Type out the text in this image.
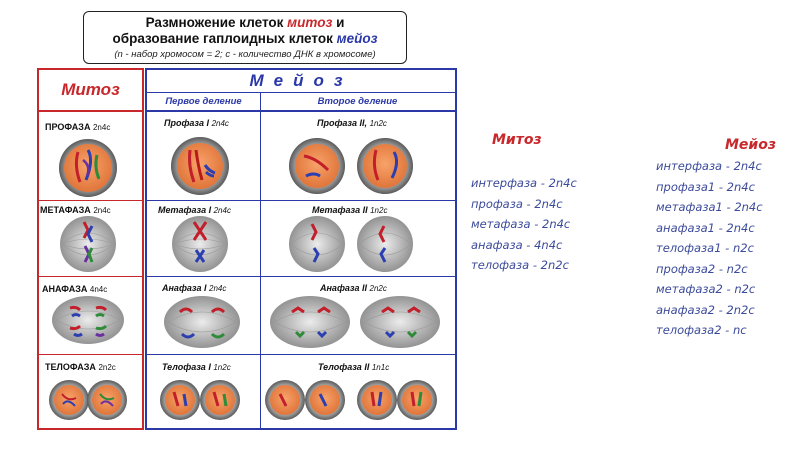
Размножение клеток митоз и
образование гаплоидных клеток мейоз
(n - набор хромосом = 2; с - количество ДНК в хромосоме)
Митоз	Мейоз
Первое деление	Второе деление
ПРОФАЗА 2n4c
МЕТАФАЗА 2n4c
АНАФАЗА 4n4c
ТЕЛОФАЗА 2n2c
Профаза I 2n4c
Метафаза I 2n4c
Анафаза I 2n4c
Телофаза I 1n2c
Профаза II, 1n2c
Метафаза II 1n2c
Анафаза II 2n2c
Телофаза II 1n1c
Митоз
интерфаза - 2n4c
профаза - 2n4c
метафаза - 2n4c
анафаза - 4n4c
телофаза - 2n2c
Мейоз
интерфаза - 2n4c
профаза1 - 2n4c
метафаза1 - 2n4c
анафаза1 - 2n4c
телофаза1 - n2c
профаза2 - n2c
метафаза2 - n2c
анафаза2 - 2n2c
телофаза2 - nc
